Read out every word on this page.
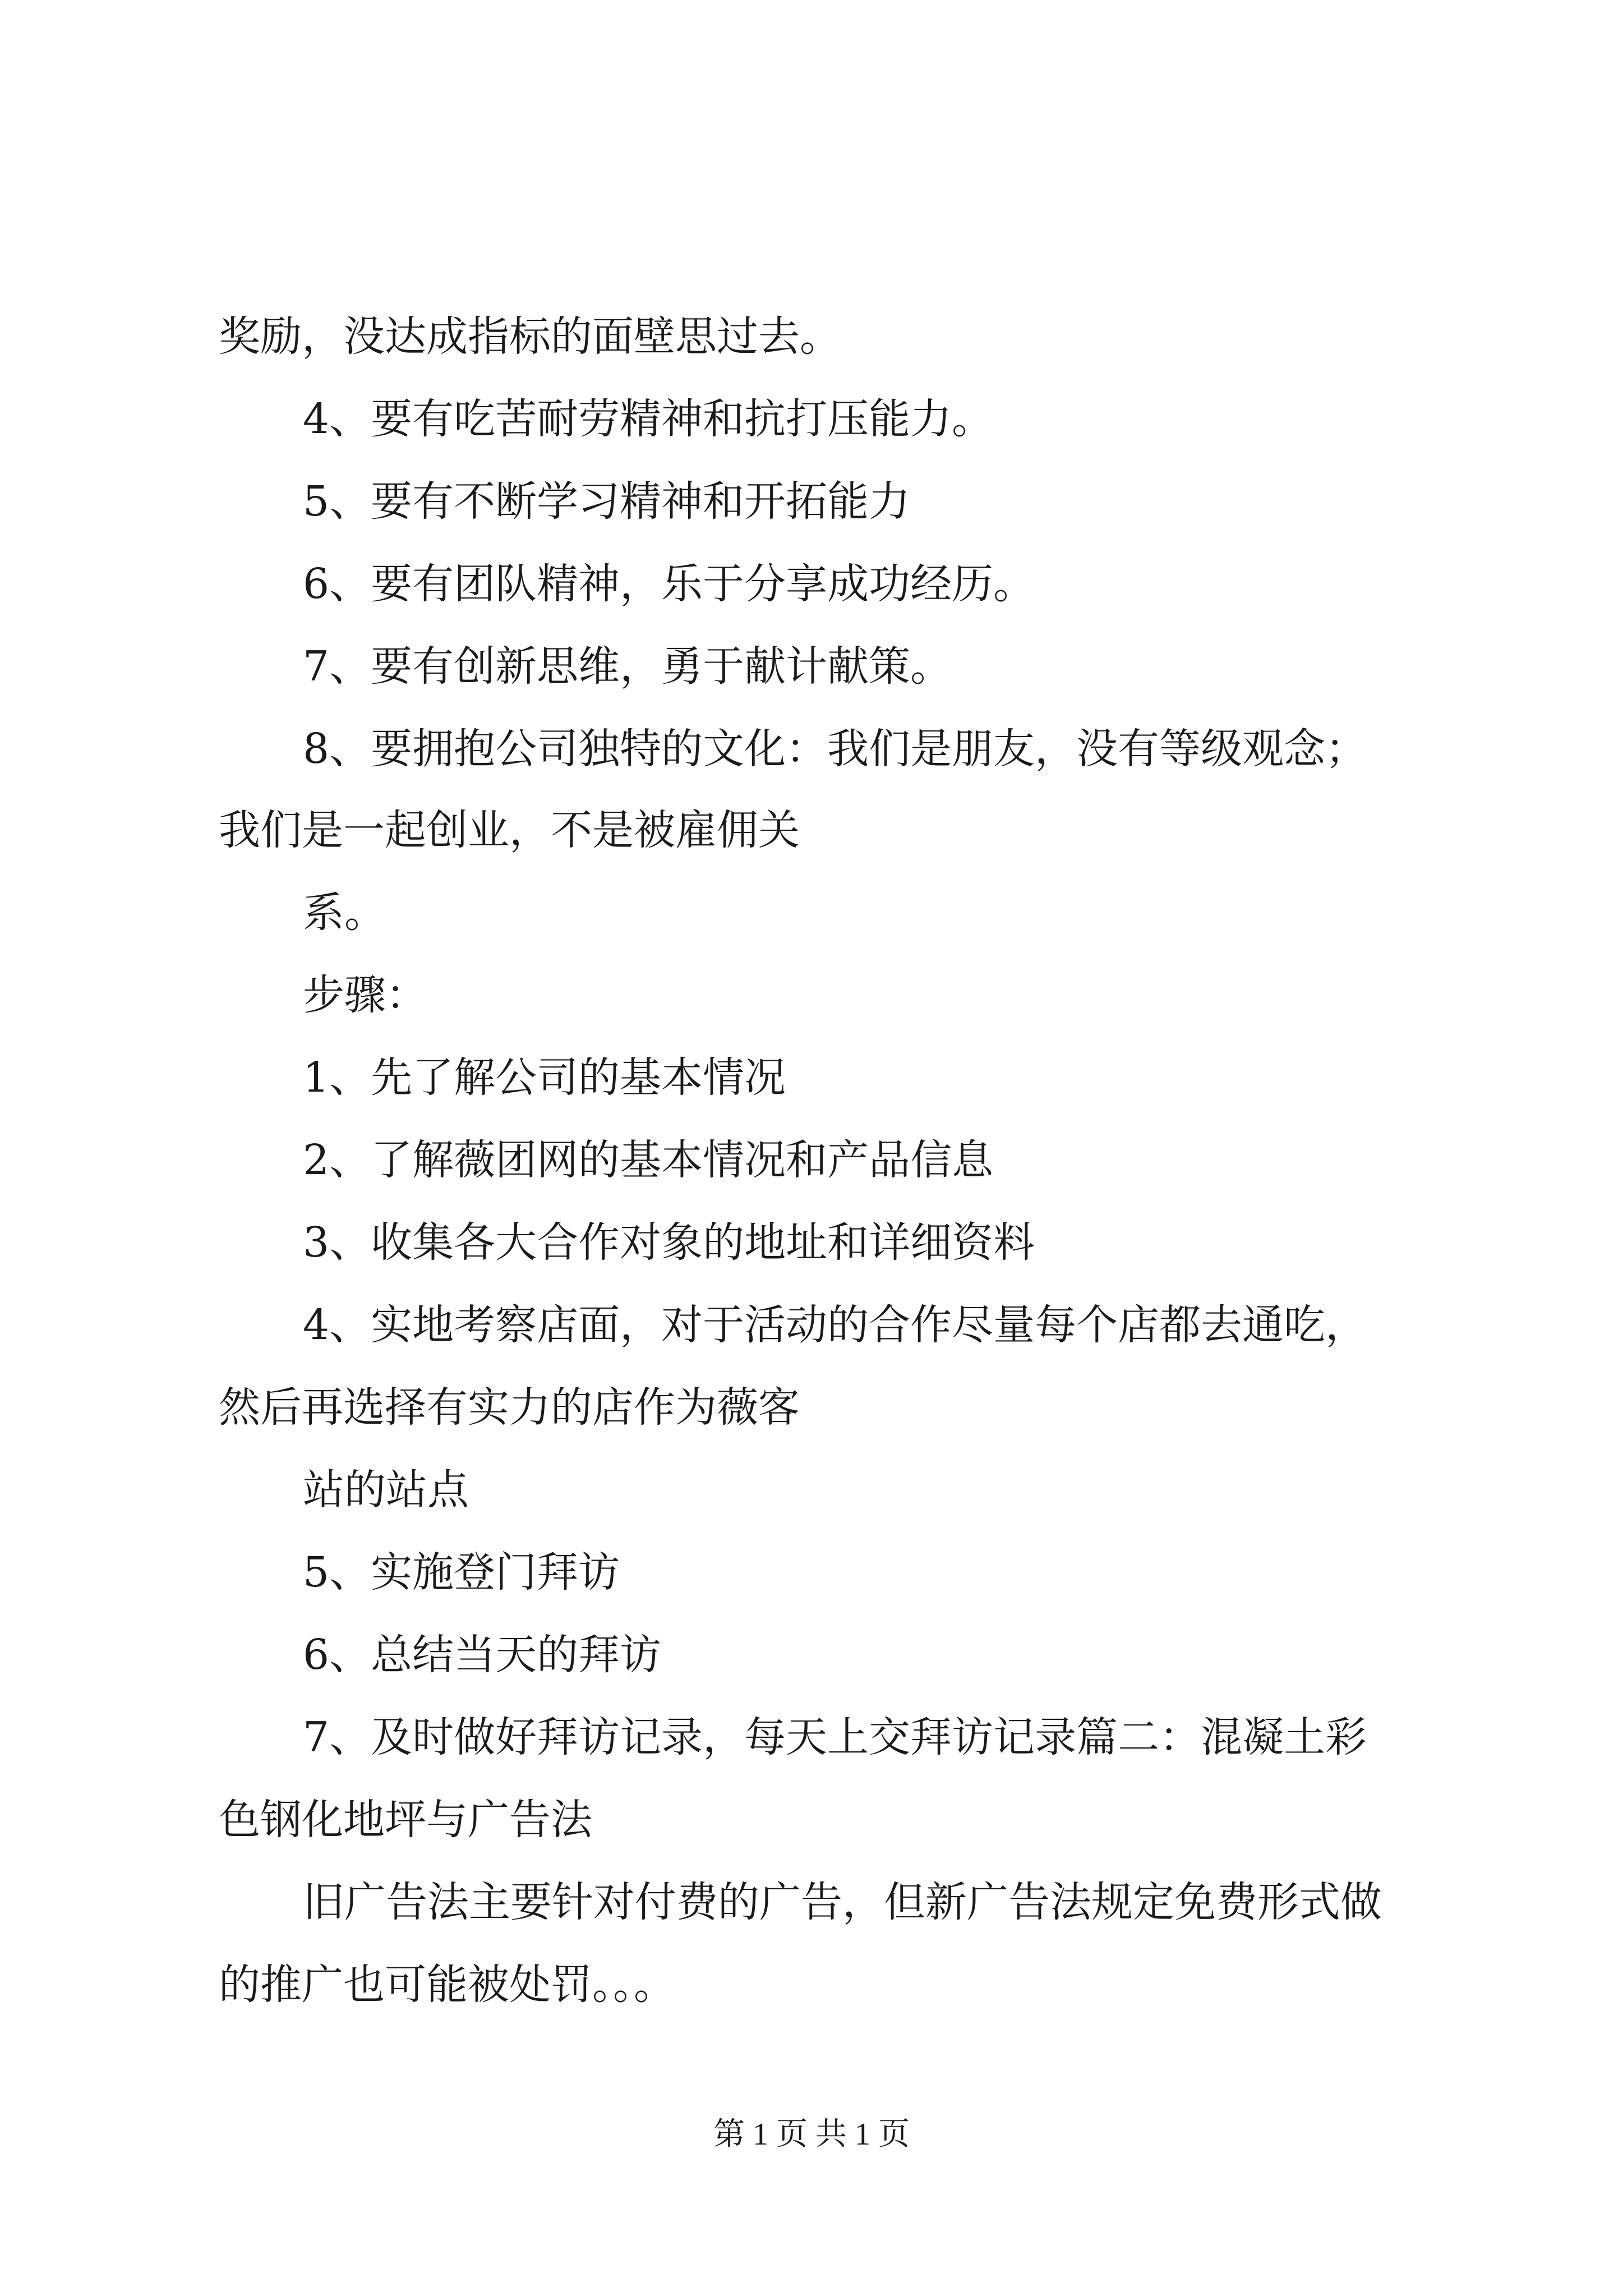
奖励，没达成指标的面壁思过去。
4、要有吃苦耐劳精神和抗打压能力。
5、要有不断学习精神和开拓能力
6、要有团队精神，乐于分享成功经历。
7、要有创新思维，勇于献计献策。
8、要拥抱公司独特的文化：我们是朋友，没有等级观念；
我们是一起创业，不是被雇佣关
系。
步骤：
1、先了解公司的基本情况
2、了解薇团网的基本情况和产品信息
3、收集各大合作对象的地址和详细资料
4、实地考察店面，对于活动的合作尽量每个店都去通吃，
然后再选择有实力的店作为薇客
站的站点
5、实施登门拜访
6、总结当天的拜访
7、及时做好拜访记录，每天上交拜访记录篇二：混凝土彩
色钢化地坪与广告法
旧广告法主要针对付费的广告，但新广告法规定免费形式做
的推广也可能被处罚。。。
第 1 页 共 1 页
